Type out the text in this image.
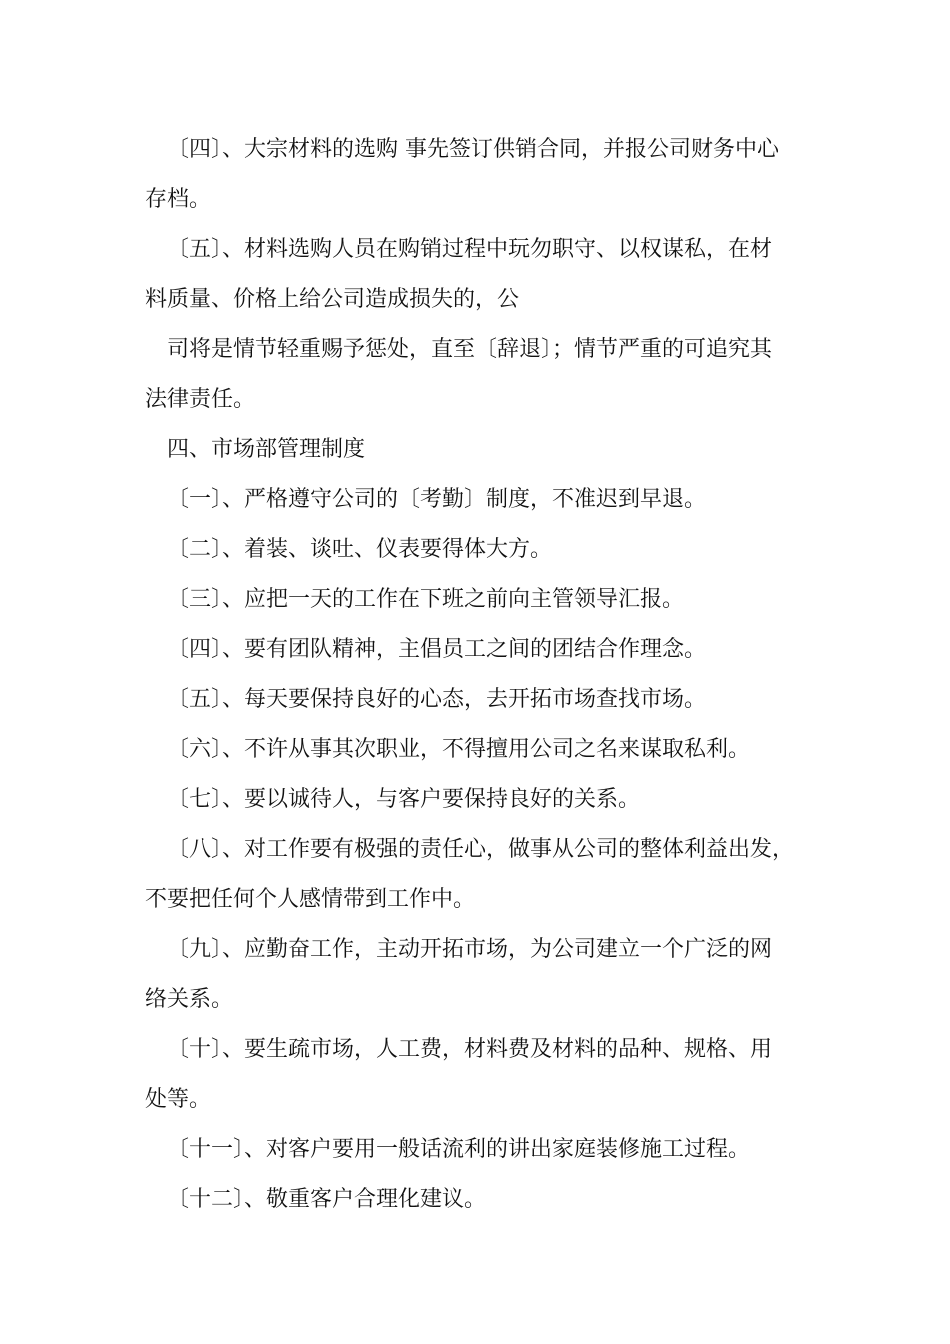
〔四〕、大宗材料的选购 事先签订供销合同，并报公司财务中心
存档。
〔五〕、材料选购人员在购销过程中玩勿职守、以权谋私，在材
料质量、价格上给公司造成损失的，公
司将是情节轻重赐予惩处，直至〔辞退〕；情节严重的可追究其
法律责任。
四、市场部管理制度
〔一〕、严格遵守公司的〔考勤〕制度，不准迟到早退。
〔二〕、着装、谈吐、仪表要得体大方。
〔三〕、应把一天的工作在下班之前向主管领导汇报。
〔四〕、要有团队精神，主倡员工之间的团结合作理念。
〔五〕、每天要保持良好的心态，去开拓市场查找市场。
〔六〕、不许从事其次职业，不得擅用公司之名来谋取私利。
〔七〕、要以诚待人，与客户要保持良好的关系。
〔八〕、对工作要有极强的责任心，做事从公司的整体利益出发，
不要把任何个人感情带到工作中。
〔九〕、应勤奋工作，主动开拓市场，为公司建立一个广泛的网
络关系。
〔十〕、要生疏市场，人工费，材料费及材料的品种、规格、用
处等。
〔十一〕、对客户要用一般话流利的讲出家庭装修施工过程。
〔十二〕、敬重客户合理化建议。
